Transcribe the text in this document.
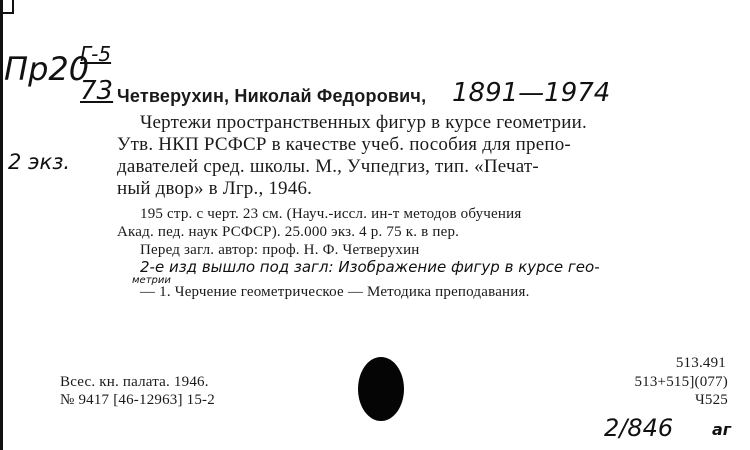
Пр20
Г-5
73
2 экз.
Четверухин, Николай Федорович, 1891—1974
Чертежи пространственных фигур в курсе геометрии.
Утв. НКП РСФСР в качестве учеб. пособия для препо-
давателей сред. школы. М., Учпедгиз, тип. «Печат-
ный двор» в Лгр., 1946.
195 стр. с черт. 23 см. (Науч.-иссл. ин-т методов обучения
Акад. пед. наук РСФСР). 25.000 экз. 4 р. 75 к. в пер.
Перед загл. автор: проф. Н. Ф. Четверухин
2-е изд вышло под загл: Изображение фигур в курсе гео-
метрии
— 1. Черчение геометрическое — Методика преподавания.
Всес. кн. палата. 1946.
№ 9417 [46-12963] 15-2
513.491
513+515](077)
Ч525
2/846 аг
